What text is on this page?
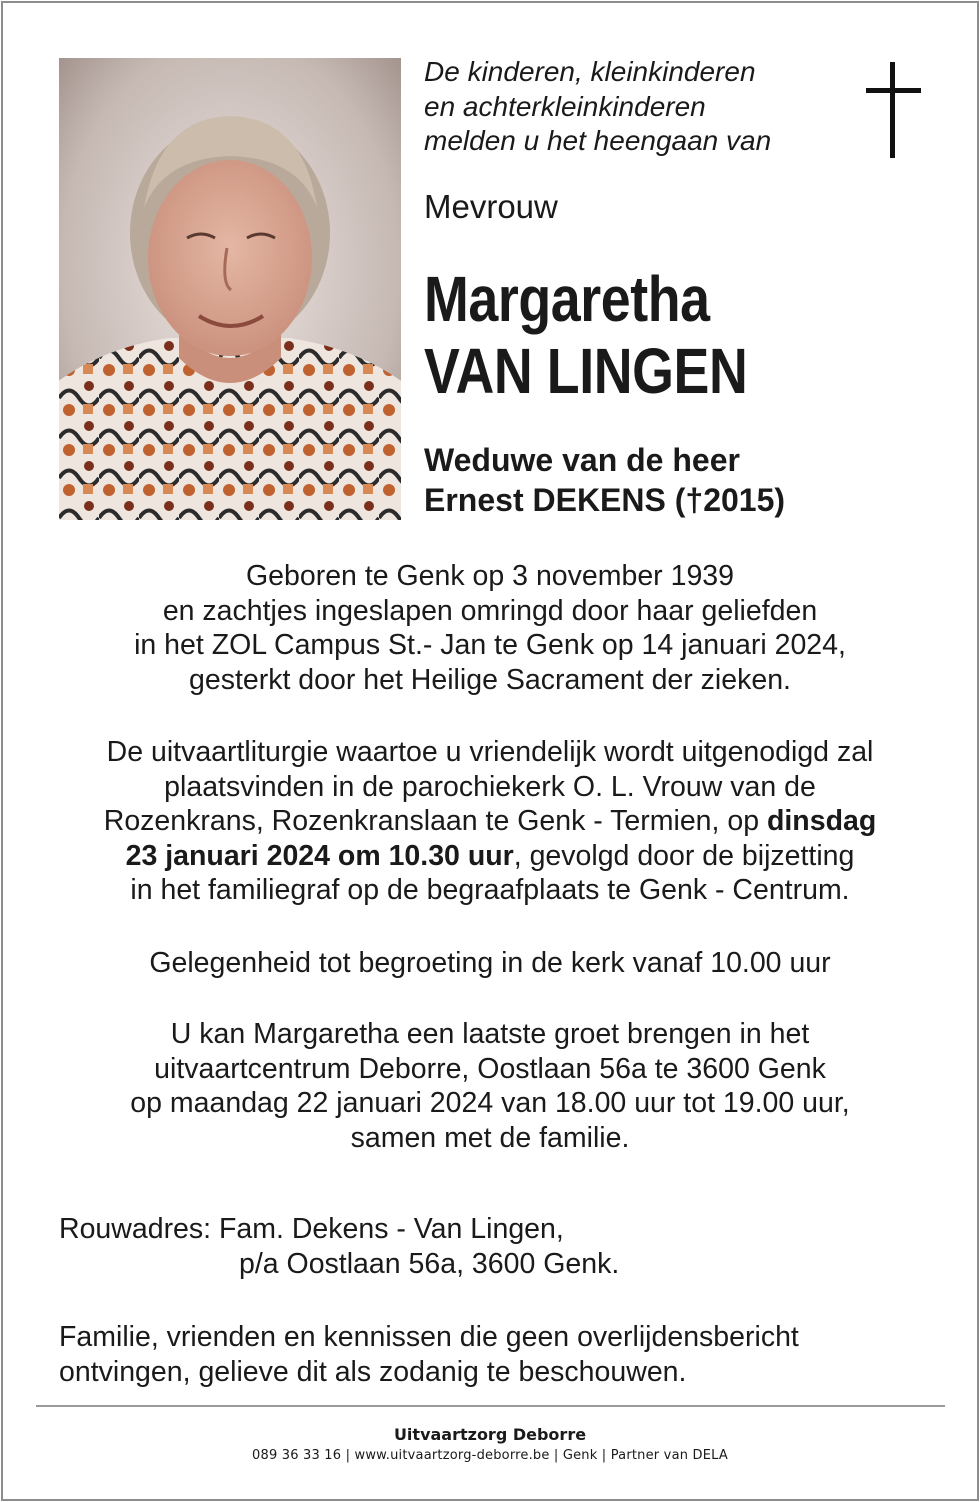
De kinderen, kleinkinderen
en achterkleinkinderen
melden u het heengaan van
Mevrouw
Margaretha
VAN LINGEN
Weduwe van de heer
Ernest DEKENS (†2015)

Geboren te Genk op 3 november 1939

en zachtjes ingeslapen omringd door haar geliefden

in het ZOL Campus St.- Jan te Genk op 14 januari 2024,

gesterkt door het Heilige Sacrament der zieken.

De uitvaartliturgie waartoe u vriendelijk wordt uitgenodigd zal

plaatsvinden in de parochiekerk O. L. Vrouw van de

Rozenkrans, Rozenkranslaan te Genk - Termien, op dinsdag

23 januari 2024 om 10.30 uur, gevolgd door de bijzetting

in het familiegraf op de begraafplaats te Genk - Centrum.

Gelegenheid tot begroeting in de kerk vanaf 10.00 uur

U kan Margaretha een laatste groet brengen in het

uitvaartcentrum Deborre, Oostlaan 56a te 3600 Genk

op maandag 22 januari 2024 van 18.00 uur tot 19.00 uur,

samen met de familie.

Rouwadres: Fam. Dekens - Van Lingen,

p/a Oostlaan 56a, 3600 Genk.

Familie, vrienden en kennissen die geen overlijdensbericht

ontvingen, gelieve dit als zodanig te beschouwen.

Uitvaartzorg Deborre
089 36 33 16 | www.uitvaartzorg-deborre.be | Genk | Partner van DELA
